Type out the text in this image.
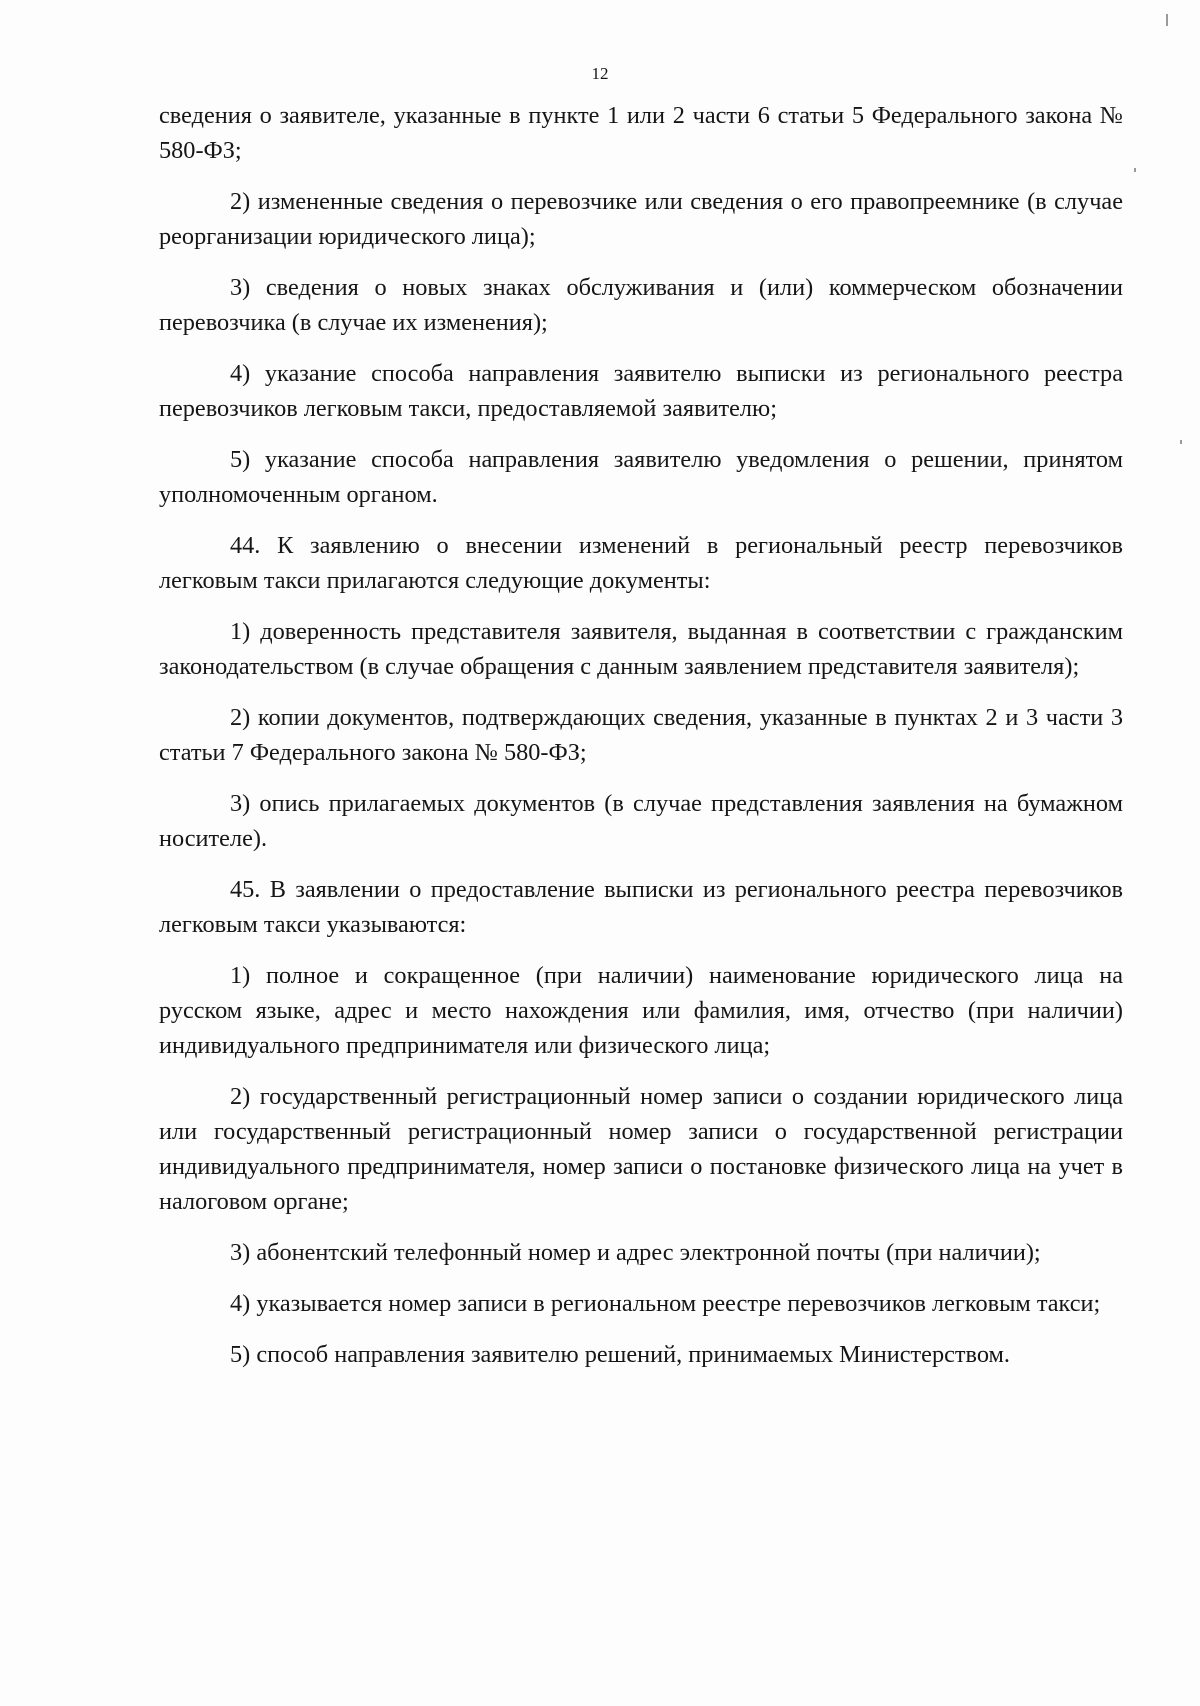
12

сведения о заявителе, указанные в пункте 1 или 2 части 6 статьи 5 Федерального закона № 580-ФЗ;

2) измененные сведения о перевозчике или сведения о его правопреемнике (в случае реорганизации юридического лица);

3) сведения о новых знаках обслуживания и (или) коммерческом обозначении перевозчика (в случае их изменения);

4) указание способа направления заявителю выписки из регионального реестра перевозчиков легковым такси, предоставляемой заявителю;

5) указание способа направления заявителю уведомления о решении, принятом уполномоченным органом.

44. К заявлению о внесении изменений в региональный реестр перевозчиков легковым такси прилагаются следующие документы:

1) доверенность представителя заявителя, выданная в соответствии с гражданским законодательством (в случае обращения с данным заявлением представителя заявителя);

2) копии документов, подтверждающих сведения, указанные в пунктах 2 и 3 части 3 статьи 7 Федерального закона № 580-ФЗ;

3) опись прилагаемых документов (в случае представления заявления на бумажном носителе).

45. В заявлении о предоставление выписки из регионального реестра перевозчиков легковым такси указываются:

1) полное и сокращенное (при наличии) наименование юридического лица на русском языке, адрес и место нахождения или фамилия, имя, отчество (при наличии) индивидуального предпринимателя или физического лица;

2) государственный регистрационный номер записи о создании юридического лица или государственный регистрационный номер записи о государственной регистрации индивидуального предпринимателя, номер записи о постановке физического лица на учет в налоговом органе;

3) абонентский телефонный номер и адрес электронной почты (при наличии);

4) указывается номер записи в региональном реестре перевозчиков легковым такси;

5) способ направления заявителю решений, принимаемых Министерством.
